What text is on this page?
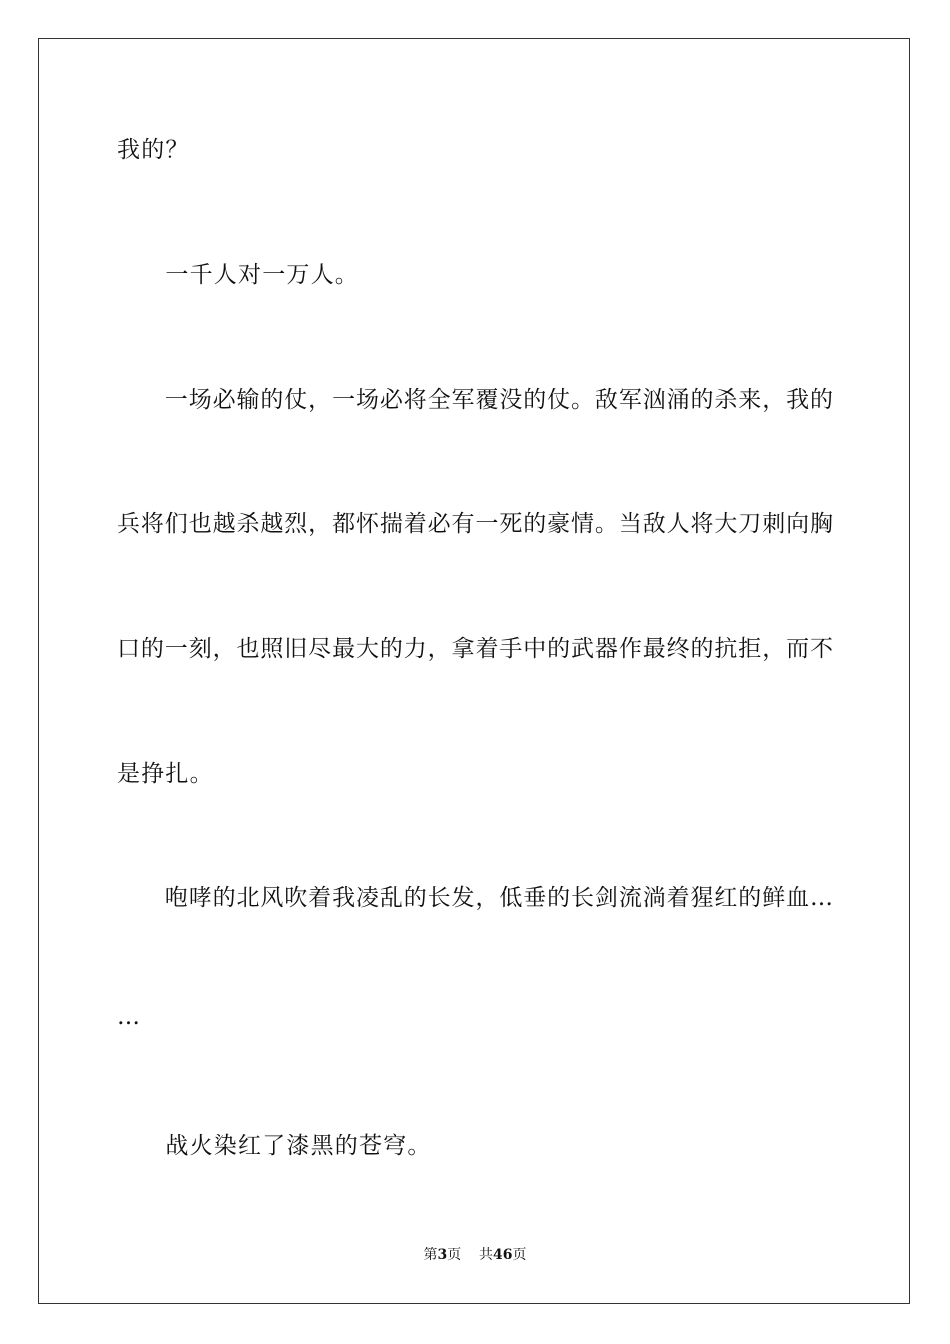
我的？
　　一千人对一万人。
　　一场必输的仗，一场必将全军覆没的仗。敌军汹涌的杀来，我的
兵将们也越杀越烈，都怀揣着必有一死的豪情。当敌人将大刀刺向胸
口的一刻，也照旧尽最大的力，拿着手中的武器作最终的抗拒，而不
是挣扎。
　　咆哮的北风吹着我凌乱的长发，低垂的长剑流淌着猩红的鲜血…
…
　　战火染红了漆黑的苍穹。
第3页 共46页
